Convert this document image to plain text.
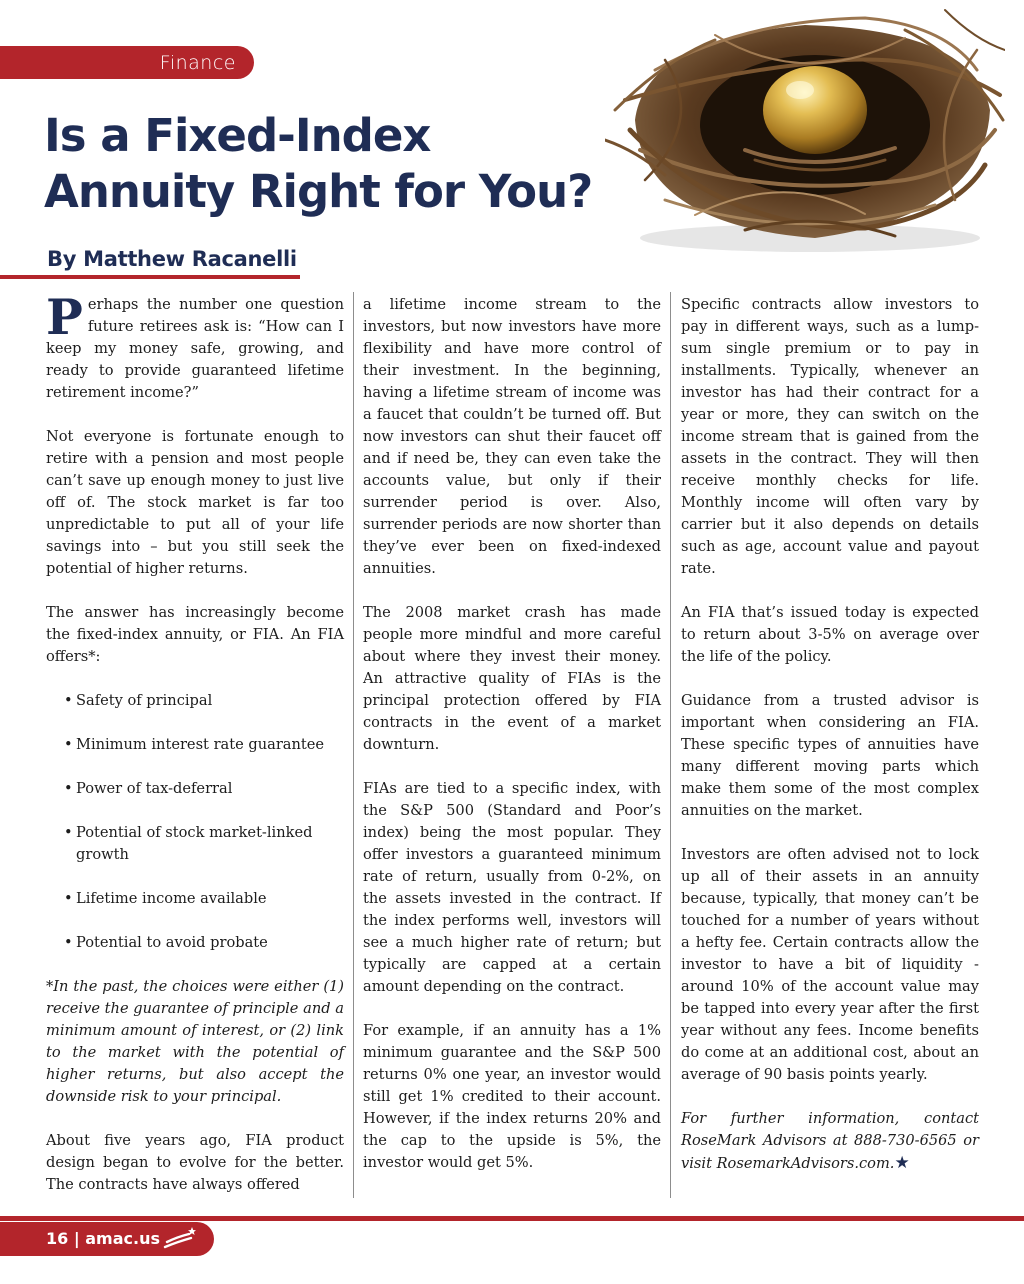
Finance
Is a Fixed-Index
Annuity Right for You?

By Matthew Racanelli

Perhaps the number one question future retirees ask is: “How can I keep my money safe, growing, and ready to provide guaranteed lifetime retirement income?”

Not everyone is fortunate enough to retire with a pension and most people can’t save up enough money to just live off of. The stock market is far too unpredictable to put all of your life savings into – but you still seek the potential of higher returns.

The answer has increasingly become the fixed-index annuity, or FIA. An FIA offers*:

• Safety of principal
• Minimum interest rate guarantee
• Power of tax-deferral
• Potential of stock market-linked growth
• Lifetime income available
• Potential to avoid probate

*In the past, the choices were either (1) receive the guarantee of principle and a minimum amount of interest, or (2) link to the market with the potential of higher returns, but also accept the downside risk to your principal.

About five years ago, FIA product design began to evolve for the better. The contracts have always offered

a lifetime income stream to the investors, but now investors have more flexibility and have more control of their investment. In the beginning, having a lifetime stream of income was a faucet that couldn’t be turned off. But now investors can shut their faucet off and if need be, they can even take the accounts value, but only if their surrender period is over. Also, surrender periods are now shorter than they’ve ever been on fixed-indexed annuities.

The 2008 market crash has made people more mindful and more careful about where they invest their money. An attractive quality of FIAs is the principal protection offered by FIA contracts in the event of a market downturn.

FIAs are tied to a specific index, with the S&P 500 (Standard and Poor’s index) being the most popular. They offer investors a guaranteed minimum rate of return, usually from 0-2%, on the assets invested in the contract. If the index performs well, investors will see a much higher rate of return; but typically are capped at a certain amount depending on the contract.

For example, if an annuity has a 1% minimum guarantee and the S&P 500 returns 0% one year, an investor would still get 1% credited to their account. However, if the index returns 20% and the cap to the upside is 5%, the investor would get 5%.

Specific contracts allow investors to pay in different ways, such as a lump-sum single premium or to pay in installments. Typically, whenever an investor has had their contract for a year or more, they can switch on the income stream that is gained from the assets in the contract. They will then receive monthly checks for life. Monthly income will often vary by carrier but it also depends on details such as age, account value and payout rate.

An FIA that’s issued today is expected to return about 3-5% on average over the life of the policy.

Guidance from a trusted advisor is important when considering an FIA. These specific types of annuities have many different moving parts which make them some of the most complex annuities on the market.

Investors are often advised not to lock up all of their assets in an annuity because, typically, that money can’t be touched for a number of years without a hefty fee. Certain contracts allow the investor to have a bit of liquidity - around 10% of the account value may be tapped into every year after the first year without any fees. Income benefits do come at an additional cost, about an average of 90 basis points yearly.

For further information, contact RoseMark Advisors at 888-730-6565 or visit RosemarkAdvisors.com.★

16 | amac.us
